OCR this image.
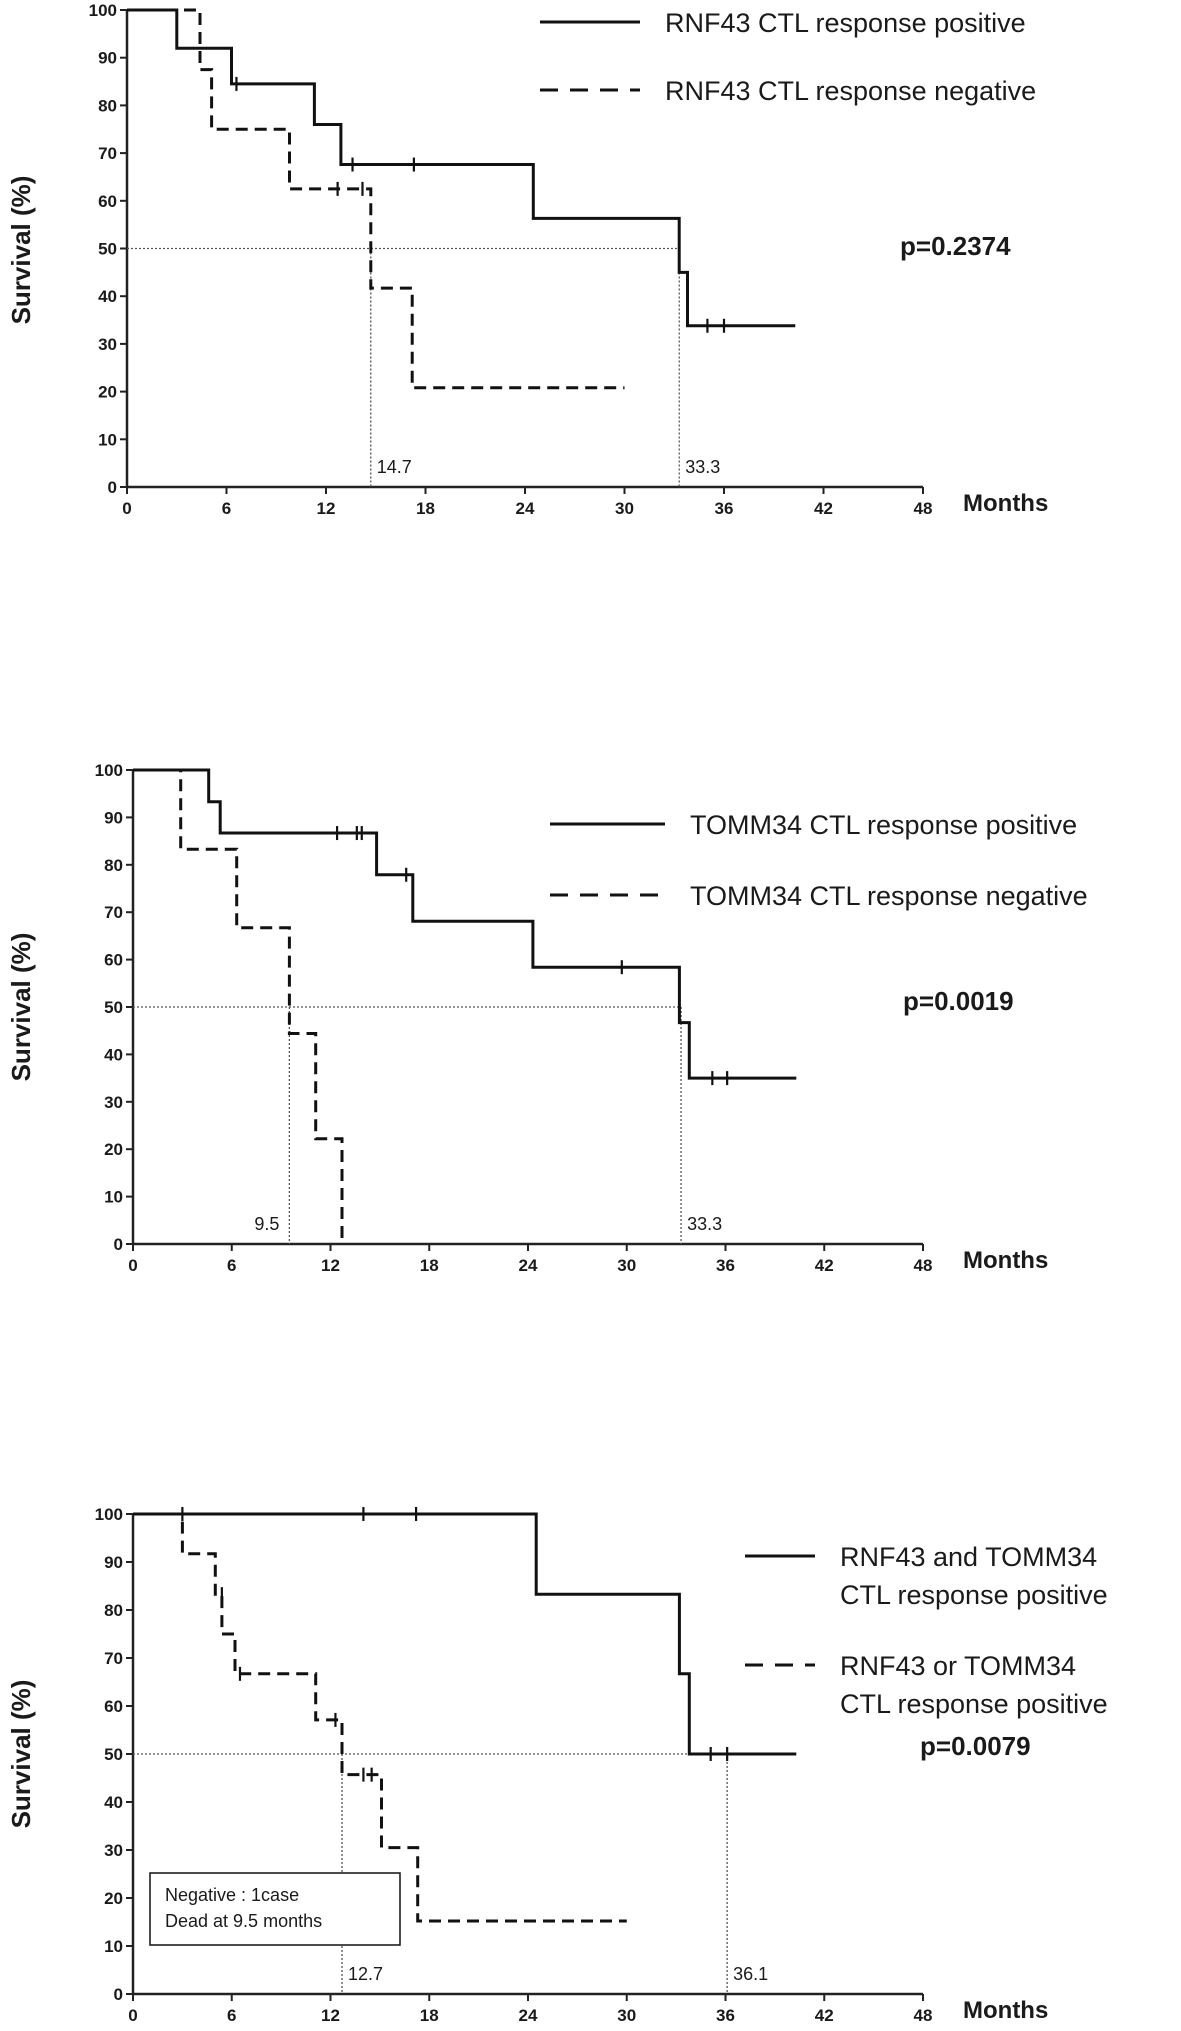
0
10
20
30
40
50
60
70
80
90
100
0	6	12	18	24	30	36	42	48
Survival (%)
Months
14.7	33.3
RNF43 CTL response positive
RNF43 CTL response negative
p=0.2374
0
10
20
30
40
50
60
70
80
90
100
0	6	12	18	24	30	36	42	48
Survival (%)
Months
9.5	33.3
TOMM34 CTL response positive
TOMM34 CTL response negative
p=0.0019
0
10
20
30
40
50
60
70
80
90
100
0	6	12	18	24	30	36	42	48
Survival (%)
Months
12.7	36.1
RNF43 and TOMM34
CTL response positive
RNF43 or TOMM34
CTL response positive
p=0.0079
Negative : 1case
Dead at 9.5 months
